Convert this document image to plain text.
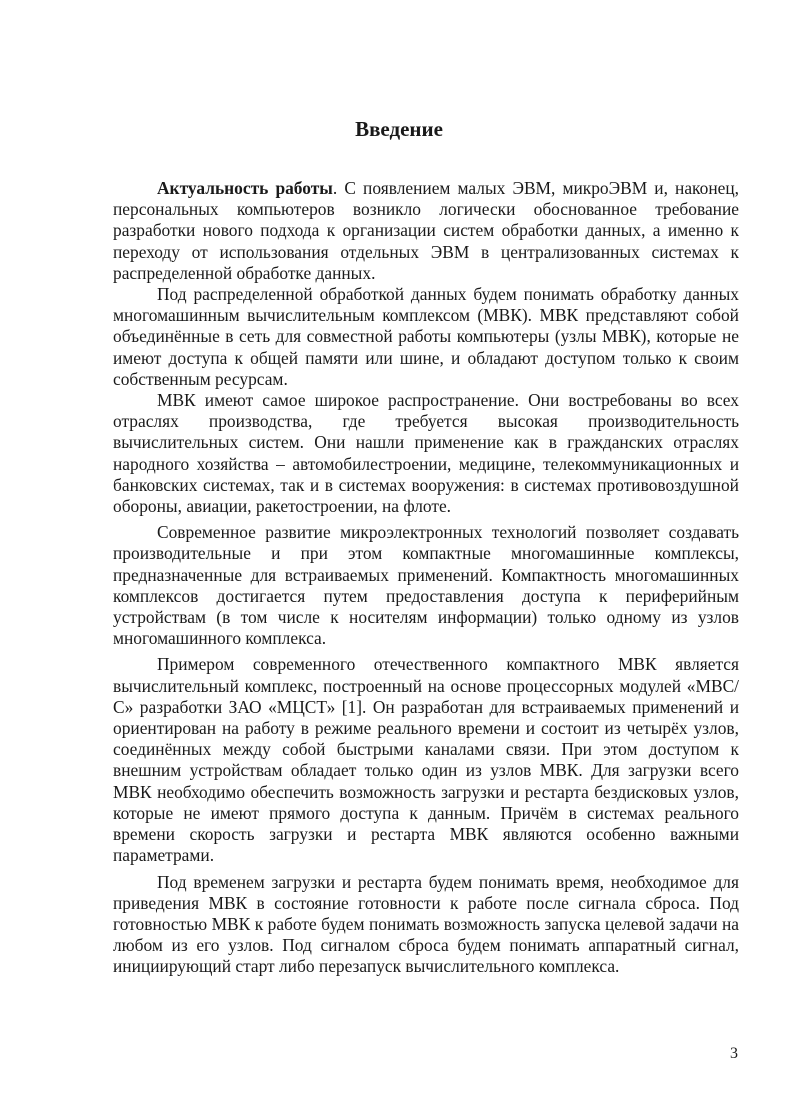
Введение

Актуальность работы. С появлением малых ЭВМ, микроЭВМ и, наконец, персональных компьютеров возникло логически обоснованное требование разработки нового подхода к организации систем обработки данных, а именно к переходу от использования отдельных ЭВМ в централизованных системах к распределенной обработке данных.

Под распределенной обработкой данных будем понимать обработку данных многомашинным вычислительным комплексом (МВК). МВК представляют собой объединённые в сеть для совместной работы компьютеры (узлы МВК), которые не имеют доступа к общей памяти или шине, и обладают доступом только к своим собственным ресурсам.

МВК имеют самое широкое распространение. Они востребованы во всех отраслях производства, где требуется высокая производительность вычислительных систем. Они нашли применение как в гражданских отраслях народного хозяйства – автомобилестроении, медицине, телекоммуникационных и банковских системах, так и в системах вооружения: в системах противовоздушной обороны, авиации, ракетостроении, на флоте.

Современное развитие микроэлектронных технологий позволяет создавать производительные и при этом компактные многомашинные комплексы, предназначенные для встраиваемых применений. Компактность многомашинных комплексов достигается путем предоставления доступа к периферийным устройствам (в том числе к носителям информации) только одному из узлов многомашинного комплекса.

Примером современного отечественного компактного МВК является вычислительный комплекс, построенный на основе процессорных модулей «МВС/С» разработки ЗАО «МЦСТ» [1]. Он разработан для встраиваемых применений и ориентирован на работу в режиме реального времени и состоит из четырёх узлов, соединённых между собой быстрыми каналами связи. При этом доступом к внешним устройствам обладает только один из узлов МВК. Для загрузки всего МВК необходимо обеспечить возможность загрузки и рестарта бездисковых узлов, которые не имеют прямого доступа к данным. Причём в системах реального времени скорость загрузки и рестарта МВК являются особенно важными параметрами.

Под временем загрузки и рестарта будем понимать время, необходимое для приведения МВК в состояние готовности к работе после сигнала сброса. Под готовностью МВК к работе будем понимать возможность запуска целевой задачи на любом из его узлов. Под сигналом сброса будем понимать аппаратный сигнал, инициирующий старт либо перезапуск вычислительного комплекса.

3
